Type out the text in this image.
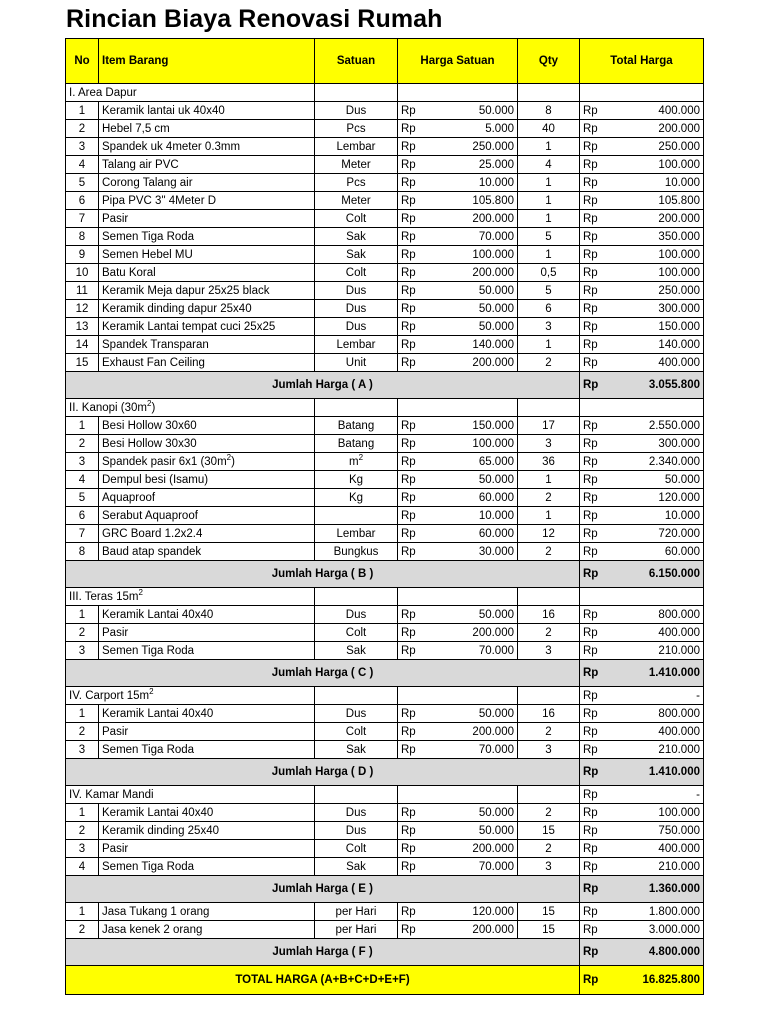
Rincian Biaya Renovasi Rumah
No	Item Barang	Satuan	Harga Satuan		Qty	Total Harga	
I. Area Dapur							
1	Keramik lantai uk 40x40	Dus	Rp	50.000	8	Rp	400.000
2	Hebel 7,5 cm	Pcs	Rp	5.000	40	Rp	200.000
3	Spandek uk 4meter 0.3mm	Lembar	Rp	250.000	1	Rp	250.000
4	Talang air PVC	Meter	Rp	25.000	4	Rp	100.000
5	Corong Talang air	Pcs	Rp	10.000	1	Rp	10.000
6	Pipa PVC 3" 4Meter D	Meter	Rp	105.800	1	Rp	105.800
7	Pasir	Colt	Rp	200.000	1	Rp	200.000
8	Semen Tiga Roda	Sak	Rp	70.000	5	Rp	350.000
9	Semen Hebel MU	Sak	Rp	100.000	1	Rp	100.000
10	Batu Koral	Colt	Rp	200.000	0,5	Rp	100.000
11	Keramik Meja dapur 25x25 black	Dus	Rp	50.000	5	Rp	250.000
12	Keramik dinding dapur 25x40	Dus	Rp	50.000	6	Rp	300.000
13	Keramik Lantai tempat cuci 25x25	Dus	Rp	50.000	3	Rp	150.000
14	Spandek Transparan	Lembar	Rp	140.000	1	Rp	140.000
15	Exhaust Fan Ceiling	Unit	Rp	200.000	2	Rp	400.000
Jumlah Harga ( A )						Rp	3.055.800
II. Kanopi $(30m^2)$							
1	Besi Hollow 30x60	Batang	Rp	150.000	17	Rp	2.550.000
2	Besi Hollow 30x30	Batang	Rp	100.000	3	Rp	300.000
3	Spandek pasir 6x1 $(30m^2)$	$m^2$	Rp	65.000	36	Rp	2.340.000
4	Dempul besi (Isamu)	Kg	Rp	50.000	1	Rp	50.000
5	Aquaproof	Kg	Rp	60.000	2	Rp	120.000
6	Serabut Aquaproof		Rp	10.000	1	Rp	10.000
7	GRC Board 1.2x2.4	Lembar	Rp	60.000	12	Rp	720.000
8	Baud atap spandek	Bungkus	Rp	30.000	2	Rp	60.000
Jumlah Harga ( B )						Rp	6.150.000
III. Teras $15m^2$				
1	Keramik Lantai 40x40	Dus	Rp	50.000	16	Rp	800.000
2	Pasir	Colt	Rp	200.000	2	Rp	400.000
3	Semen Tiga Roda	Sak	Rp	70.000	3	Rp	210.000
Jumlah Harga ( C )						Rp	1.410.000
IV. Carport $15m^2$						Rp	-
1	Keramik Lantai 40x40	Dus	Rp	50.000	16	Rp	800.000
2	Pasir	Colt	Rp	200.000	2	Rp	400.000
3	Semen Tiga Roda	Sak	Rp	70.000	3	Rp	210.000
Jumlah Harga ( D )						Rp	1.410.000
IV. Kamar Mandi						Rp	-
1	Keramik Lantai 40x40	Dus	Rp	50.000	2	Rp	100.000
2	Keramik dinding 25x40	Dus	Rp	50.000	15	Rp	750.000
3	Pasir	Colt	Rp	200.000	2	Rp	400.000
4	Semen Tiga Roda	Sak	Rp	70.000	3	Rp	210.000
Jumlah Harga ( E )						Rp	1.360.000
1	Jasa Tukang 1 orang	per Hari	Rp	120.000	15	Rp	1.800.000
2	Jasa kenek 2 orang	per Hari	Rp	200.000	15	Rp	3.000.000
Jumlah Harga ( F )						Rp	4.800.000
TOTAL HARGA (A+B+C+D+E+F)						Rp	16.825.800
